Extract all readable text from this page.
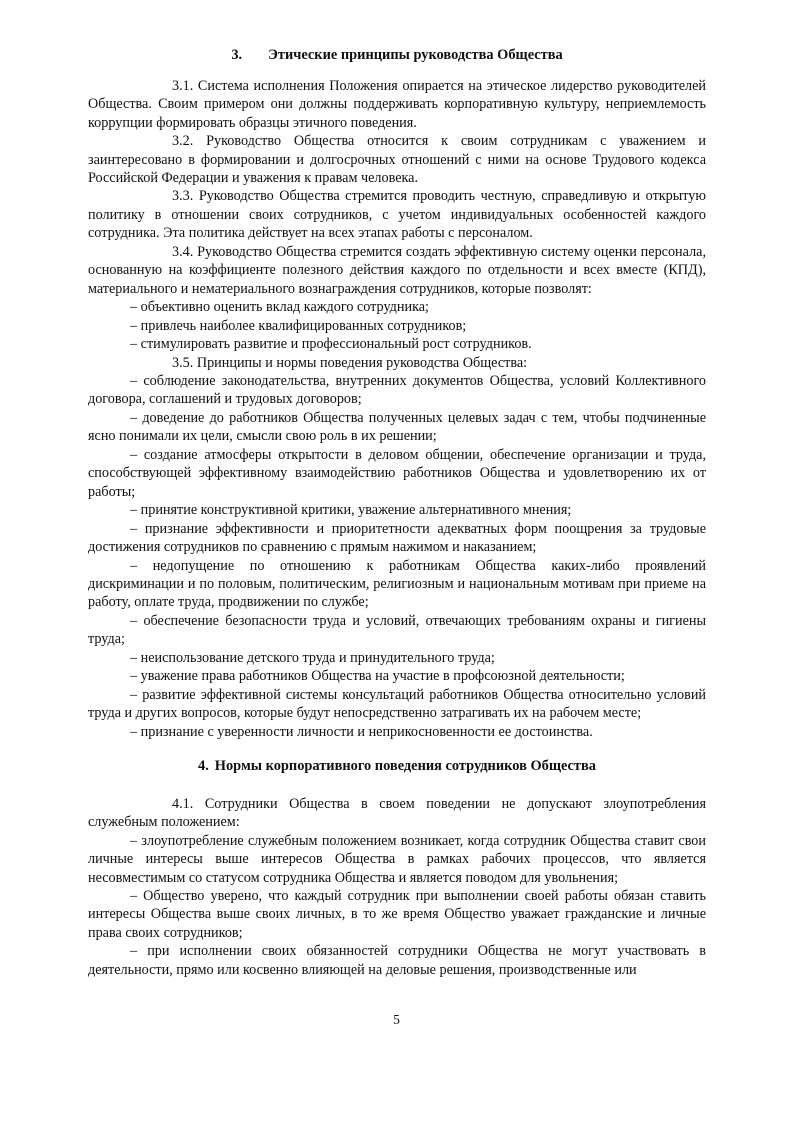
3. Этические принципы руководства Общества

3.1. Система исполнения Положения опирается на этическое лидерство руководителей Общества. Своим примером они должны поддерживать корпоративную культуру, неприемлемость коррупции формировать образцы этичного поведения.

3.2. Руководство Общества относится к своим сотрудникам с уважением и заинтересовано в формировании и долгосрочных отношений с ними на основе Трудового кодекса Российской Федерации и уважения к правам человека.

3.3. Руководство Общества стремится проводить честную, справедливую и открытую политику в отношении своих сотрудников, с учетом индивидуальных особенностей каждого сотрудника. Эта политика действует на всех этапах работы с персоналом.

3.4. Руководство Общества стремится создать эффективную систему оценки персонала, основанную на коэффициенте полезного действия каждого по отдельности и всех вместе (КПД), материального и нематериального вознаграждения сотрудников, которые позволят:

– объективно оценить вклад каждого сотрудника;
– привлечь наиболее квалифицированных сотрудников;
– стимулировать развитие и профессиональный рост сотрудников.

3.5. Принципы и нормы поведения руководства Общества:

– соблюдение законодательства, внутренних документов Общества, условий Коллективного договора, соглашений и трудовых договоров;
– доведение до работников Общества полученных целевых задач с тем, чтобы подчиненные ясно понимали их цели, смысли свою роль в их решении;
– создание атмосферы открытости в деловом общении, обеспечение организации и труда, способствующей эффективному взаимодействию работников Общества и удовлетворению их от работы;
– принятие конструктивной критики, уважение альтернативного мнения;
– признание эффективности и приоритетности адекватных форм поощрения за трудовые достижения сотрудников по сравнению с прямым нажимом и наказанием;
– недопущение по отношению к работникам Общества каких-либо проявлений дискриминации и по половым, политическим, религиозным и национальным мотивам при приеме на работу, оплате труда, продвижении по службе;
– обеспечение безопасности труда и условий, отвечающих требованиям охраны и гигиены труда;
– неиспользование детского труда и принудительного труда;
– уважение права работников Общества на участие в профсоюзной деятельности;
– развитие эффективной системы консультаций работников Общества относительно условий труда и других вопросов, которые будут непосредственно затрагивать их на рабочем месте;
– признание с уверенности личности и неприкосновенности ее достоинства.
4. Нормы корпоративного поведения сотрудников Общества

4.1. Сотрудники Общества в своем поведении не допускают злоупотребления служебным положением:

– злоупотребление служебным положением возникает, когда сотрудник Общества ставит свои личные интересы выше интересов Общества в рамках рабочих процессов, что является несовместимым со статусом сотрудника Общества и является поводом для увольнения;
– Общество уверено, что каждый сотрудник при выполнении своей работы обязан ставить интересы Общества выше своих личных, в то же время Общество уважает гражданские и личные права своих сотрудников;
– при исполнении своих обязанностей сотрудники Общества не могут участвовать в деятельности, прямо или косвенно влияющей на деловые решения, производственные или
5
